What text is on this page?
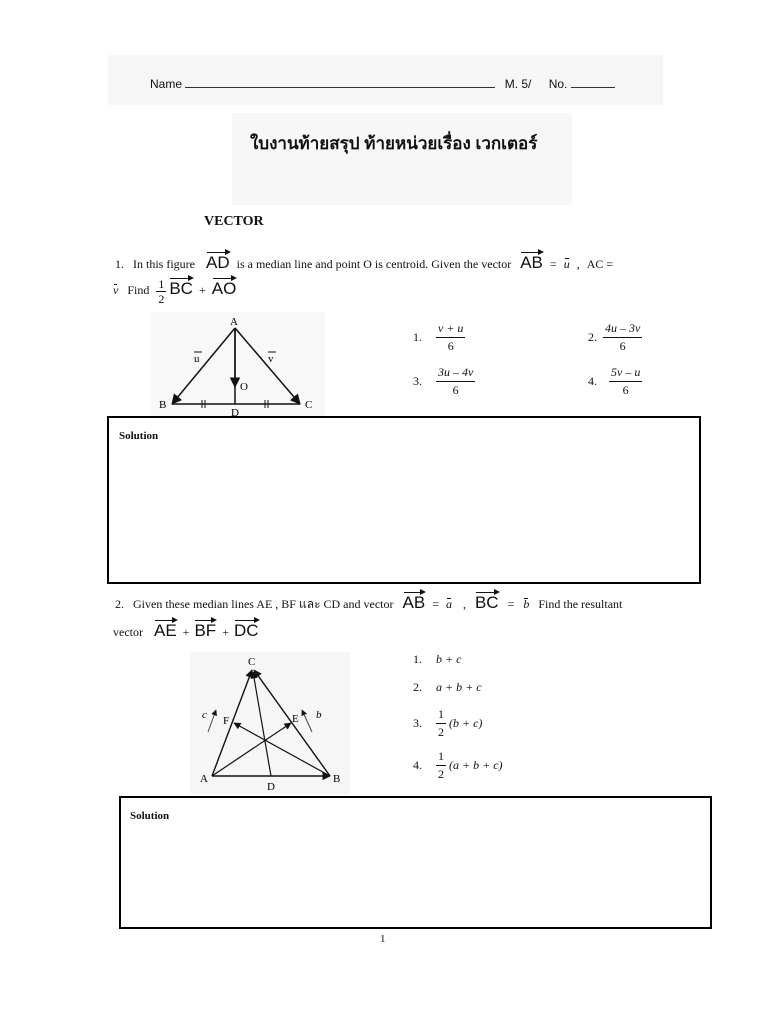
Name	M. 5/ No.
ใบงานท้ายสรุป ท้ายหน่วยเรื่อง เวกเตอร์
VECTOR
1. In this figure AD is a median line and point O is centroid. Given the vector AB = u , AC =
v Find $\frac{1}{2}$ BC + AO
A
B	C
D
O
u	v
1. $\frac{v + u}{6}$	2. $\frac{4u - 3v}{6}$
3. $\frac{3u - 4v}{6}$	4. $\frac{5v - u}{6}$
Solution
2. Given these median lines AE , BF และ CD and vector AB = a , BC = b Find the resultant
vector AE + BF + DC
C
A	B
D
E
F
c	b
1. b + c
2. a + b + c
3. $\frac{1}{2} (b + c)$
4. $\frac{1}{2} (a + b + c)$
Solution
1
